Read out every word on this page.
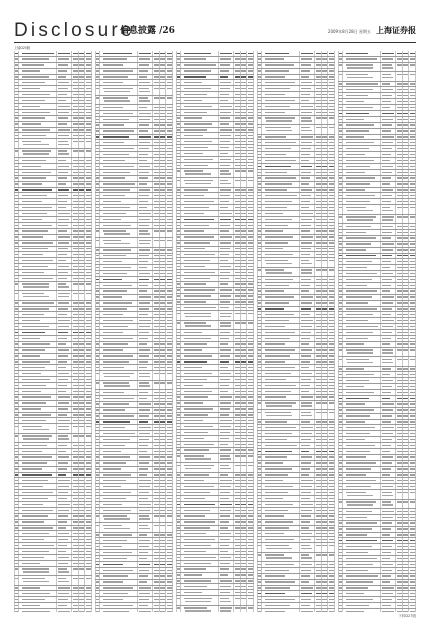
Disclosure
信息披露 /26	2009年8月28日 星期五 上海证券报
上接D25版
下转D27版
